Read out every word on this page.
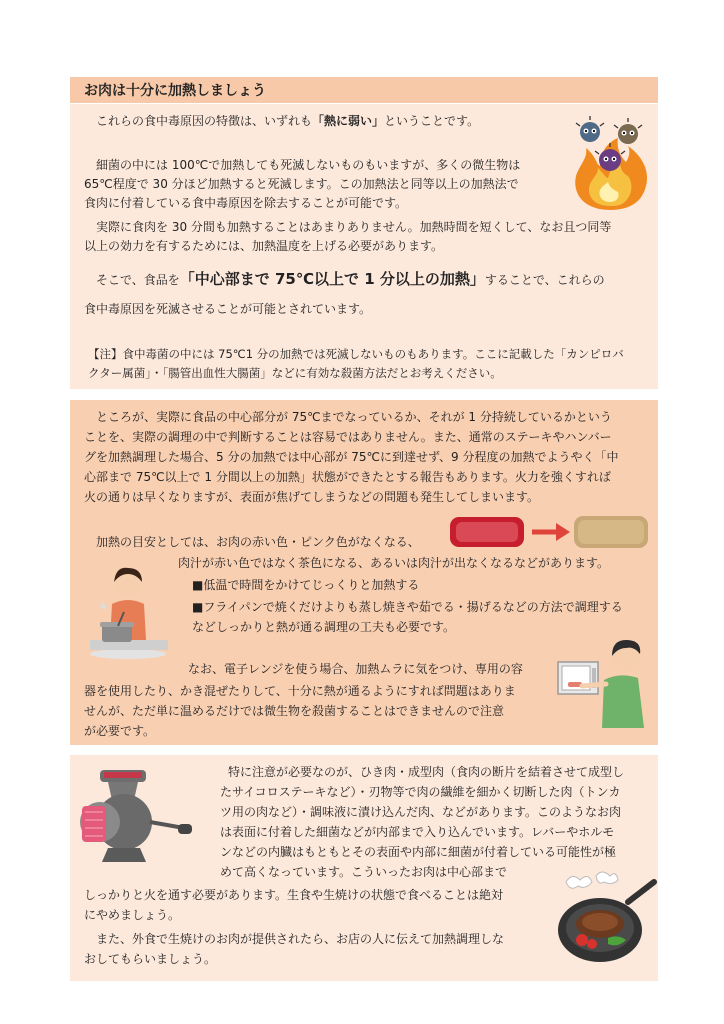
お肉は十分に加熱しましょう
これらの食中毒原因の特徴は、いずれも「熱に弱い」ということです。
細菌の中には 100℃で加熱しても死滅しないものもいますが、多くの微生物は
65℃程度で 30 分ほど加熱すると死滅します。この加熱法と同等以上の加熱法で
食肉に付着している食中毒原因を除去することが可能です。
実際に食肉を 30 分間も加熱することはあまりありません。加熱時間を短くして、なお且つ同等
以上の効力を有するためには、加熱温度を上げる必要があります。
そこで、食品を「中心部まで 75℃以上で 1 分以上の加熱」することで、これらの
食中毒原因を死滅させることが可能とされています。
【注】食中毒菌の中には 75℃1 分の加熱では死滅しないものもあります。ここに記載した「カンピロバ
クター属菌」・「腸管出血性大腸菌」などに有効な殺菌方法だとお考えください。
ところが、実際に食品の中心部分が 75℃までなっているか、それが 1 分持続しているかという
ことを、実際の調理の中で判断することは容易ではありません。また、通常のステーキやハンバー
グを加熱調理した場合、5 分の加熱では中心部が 75℃に到達せず、9 分程度の加熱でようやく「中
心部まで 75℃以上で 1 分間以上の加熱」状態ができたとする報告もあります。火力を強くすれば
火の通りは早くなりますが、表面が焦げてしまうなどの問題も発生してしまいます。
加熱の目安としては、お肉の赤い色・ピンク色がなくなる、
肉汁が赤い色ではなく茶色になる、あるいは肉汁が出なくなるなどがあります。
■低温で時間をかけてじっくりと加熱する
■フライパンで焼くだけよりも蒸し焼きや茹でる・揚げるなどの方法で調理する
などしっかりと熱が通る調理の工夫も必要です。
なお、電子レンジを使う場合、加熱ムラに気をつけ、専用の容
器を使用したり、かき混ぜたりして、十分に熱が通るようにすれば問題はありま
せんが、ただ単に温めるだけでは微生物を殺菌することはできませんので注意
が必要です。
特に注意が必要なのが、ひき肉・成型肉（食肉の断片を結着させて成型し
たサイコロステーキなど）・刃物等で肉の繊維を細かく切断した肉（トンカ
ツ用の肉など）・調味液に漬け込んだ肉、などがあります。このようなお肉
は表面に付着した細菌などが内部まで入り込んでいます。レバーやホルモ
ンなどの内臓はもともとその表面や内部に細菌が付着している可能性が極
めて高くなっています。こういったお肉は中心部まで
しっかりと火を通す必要があります。生食や生焼けの状態で食べることは絶対
にやめましょう。
また、外食で生焼けのお肉が提供されたら、お店の人に伝えて加熱調理しな
おしてもらいましょう。
